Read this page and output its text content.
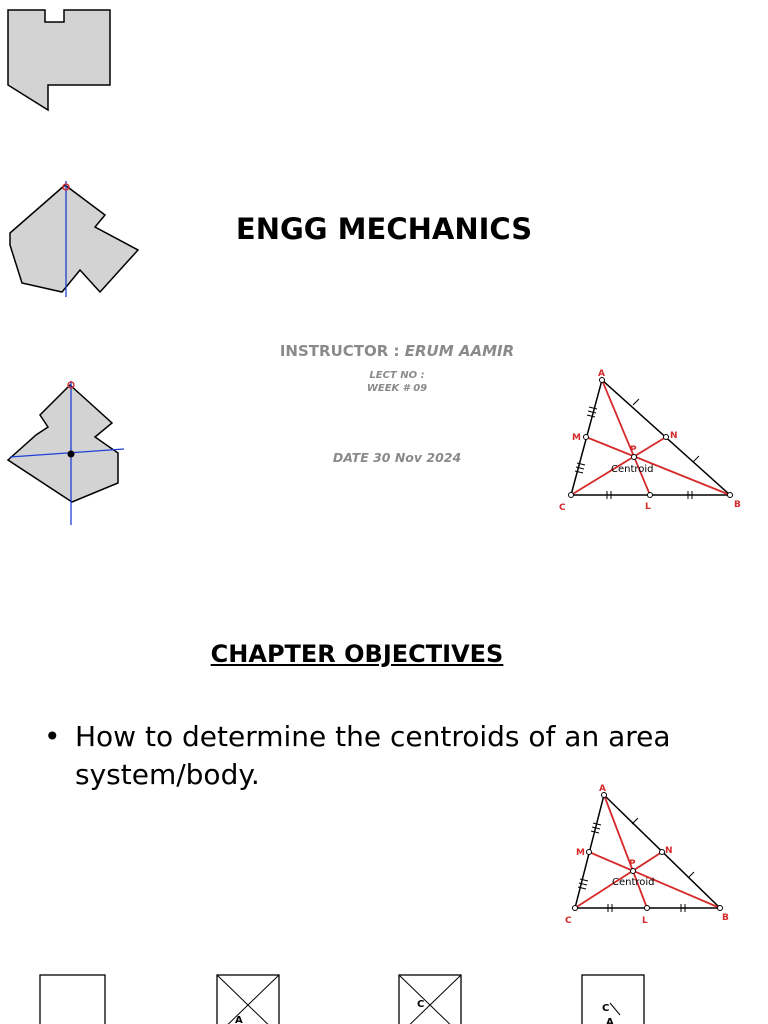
ENGG MECHANICS
INSTRUCTOR : ERUM AAMIR
LECT NO :
WEEK # 09
DATE 30 Nov 2024
A
B
C	L
M	N
P
Centroid
CHAPTER OBJECTIVES
• How to determine the centroids of an area system/body.	A
B
C	L
M	N
P
Centroid
A
C	C
A
